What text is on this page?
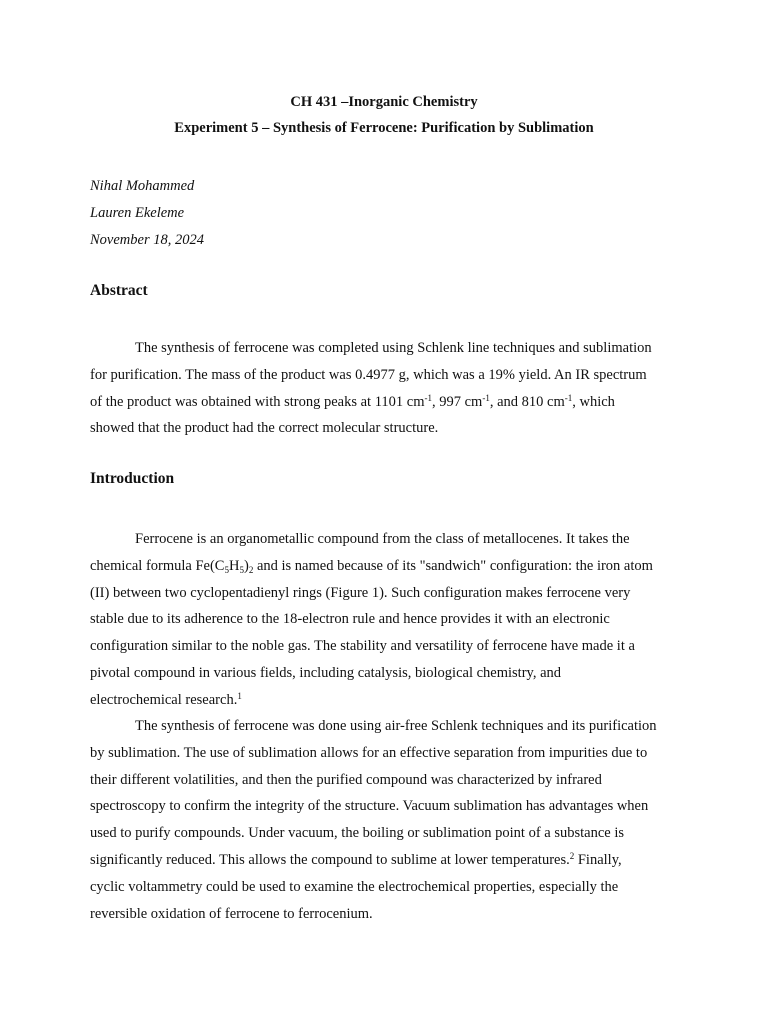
CH 431 –Inorganic Chemistry
Experiment 5 – Synthesis of Ferrocene: Purification by Sublimation
Nihal Mohammed
Lauren Ekeleme
November 18, 2024
Abstract
The synthesis of ferrocene was completed using Schlenk line techniques and sublimation
for purification. The mass of the product was 0.4977 g, which was a 19% yield. An IR spectrum
of the product was obtained with strong peaks at 1101 $cm^{-1}$, 997 $cm^{-1}$, and 810 $cm^{-1}$, which
showed that the product had the correct molecular structure.
Introduction
Ferrocene is an organometallic compound from the class of metallocenes. It takes the
chemical formula $Fe(C_5H_5)_2$ and is named because of its "sandwich" configuration: the iron atom
(II) between two cyclopentadienyl rings (Figure 1). Such configuration makes ferrocene very
stable due to its adherence to the 18-electron rule and hence provides it with an electronic
configuration similar to the noble gas. The stability and versatility of ferrocene have made it a
pivotal compound in various fields, including catalysis, biological chemistry, and
electrochemical research.$^1$
The synthesis of ferrocene was done using air-free Schlenk techniques and its purification
by sublimation. The use of sublimation allows for an effective separation from impurities due to
their different volatilities, and then the purified compound was characterized by infrared
spectroscopy to confirm the integrity of the structure. Vacuum sublimation has advantages when
used to purify compounds. Under vacuum, the boiling or sublimation point of a substance is
significantly reduced. This allows the compound to sublime at lower temperatures.$^2$ Finally,
cyclic voltammetry could be used to examine the electrochemical properties, especially the
reversible oxidation of ferrocene to ferrocenium.
